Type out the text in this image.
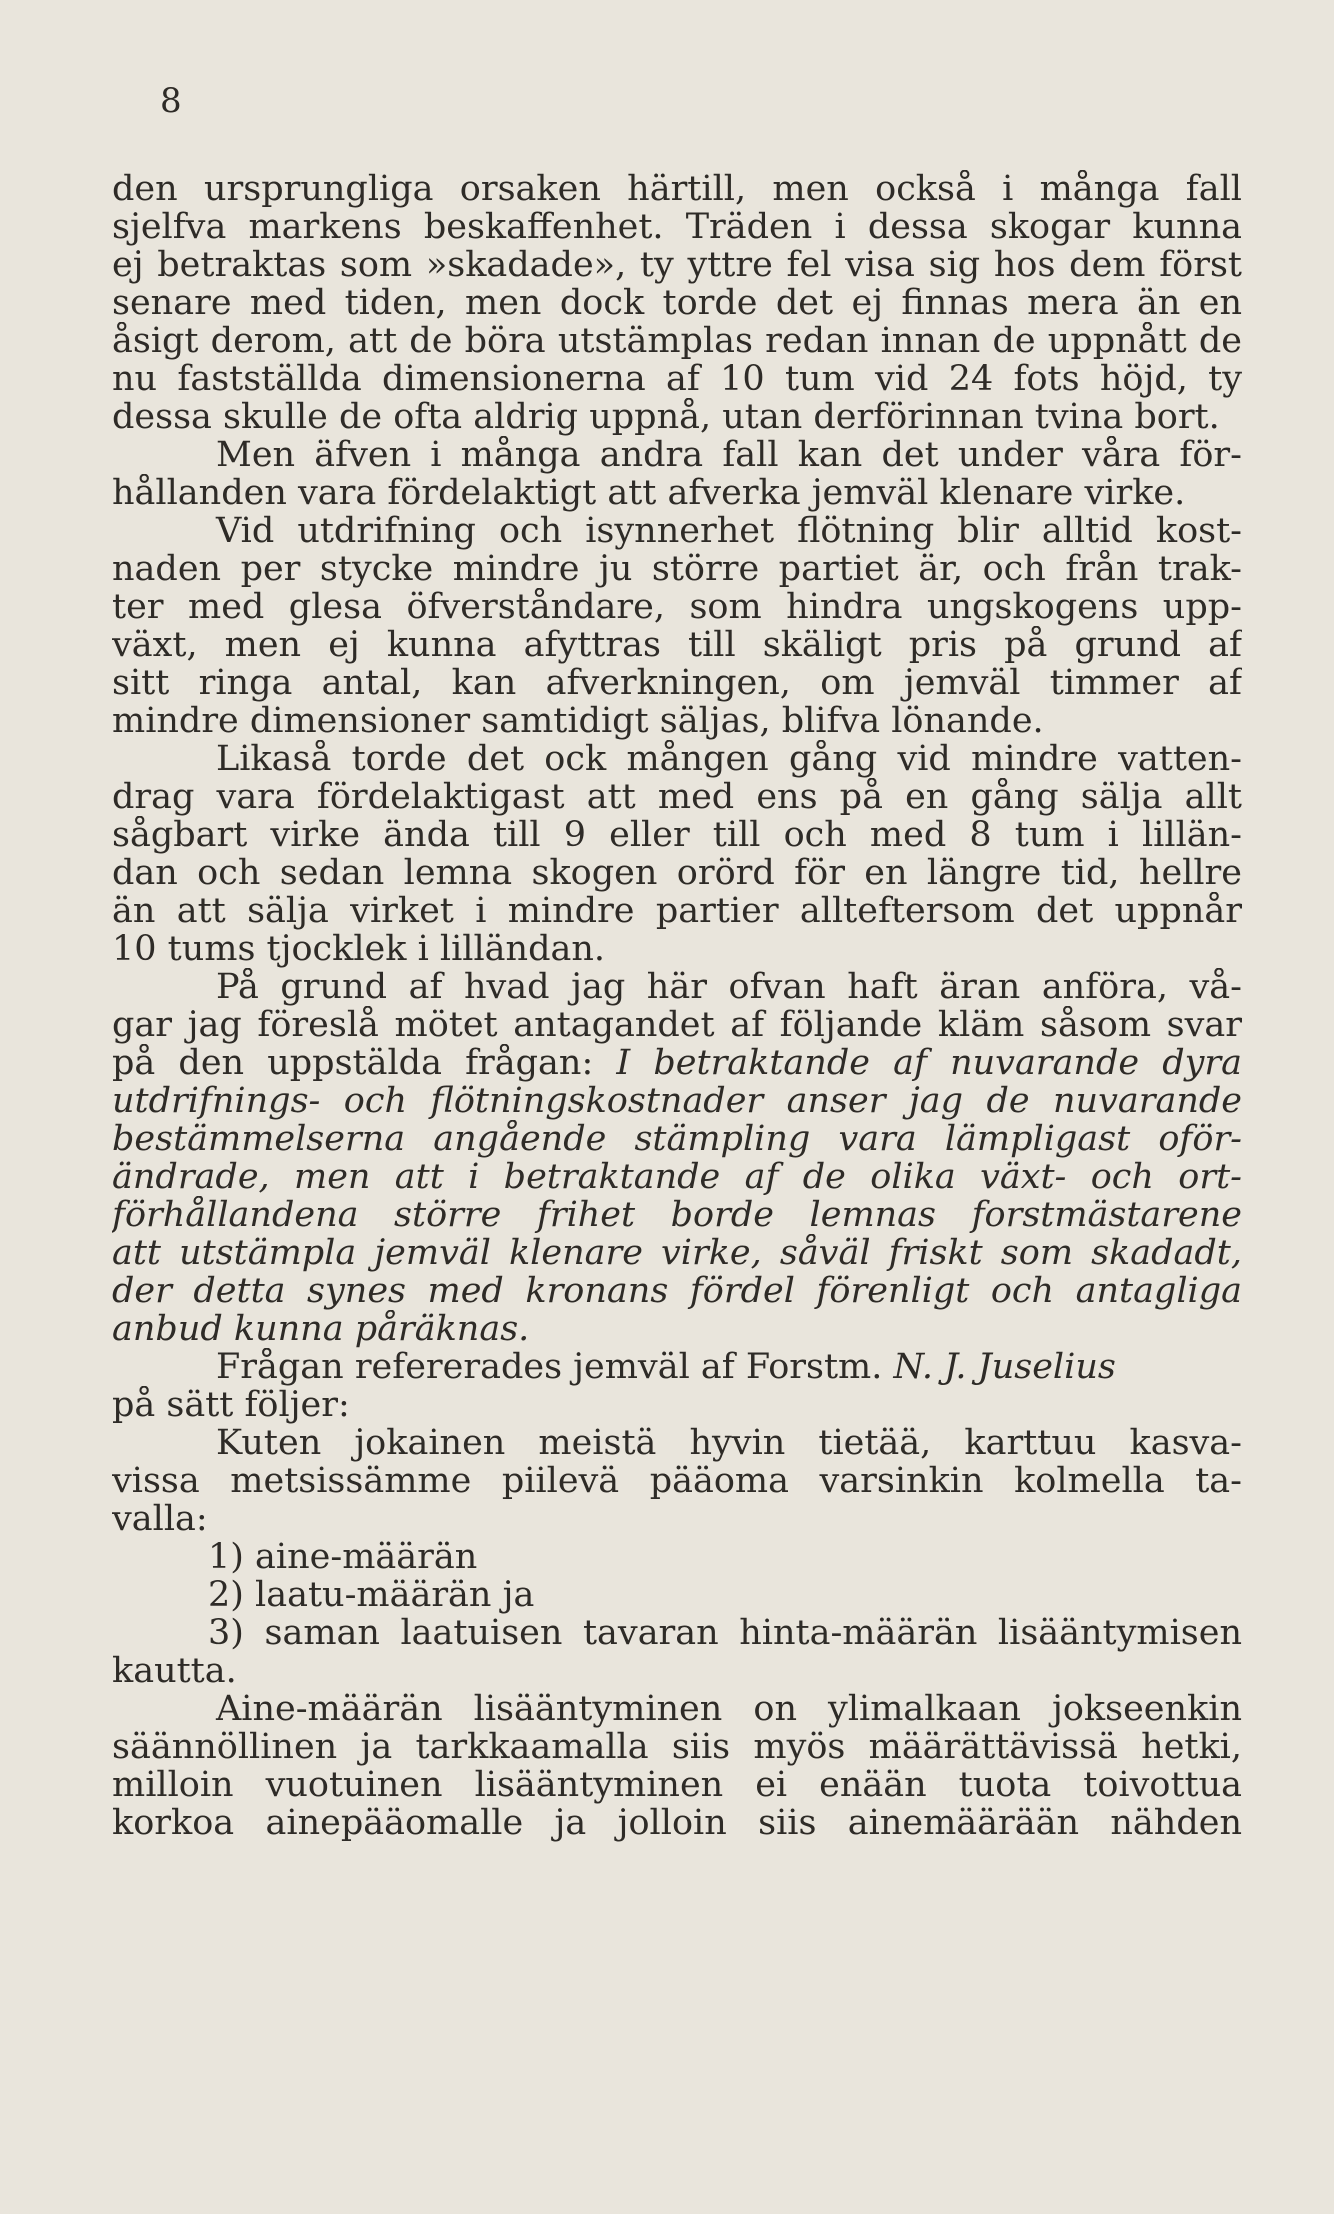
8

den ursprungliga orsaken härtill, men också i många fall
sjelfva markens beskaffenhet. Träden i dessa skogar kunna
ej betraktas som »skadade», ty yttre fel visa sig hos dem först
senare med tiden, men dock torde det ej finnas mera än en
åsigt derom, att de böra utstämplas redan innan de uppnått de
nu fastställda dimensionerna af 10 tum vid 24 fots höjd, ty
dessa skulle de ofta aldrig uppnå, utan derförinnan tvina bort.

Men äfven i många andra fall kan det under våra för-
hållanden vara fördelaktigt att afverka jemväl klenare virke.

Vid utdrifning och isynnerhet flötning blir alltid kost-
naden per stycke mindre ju större partiet är, och från trak-
ter med glesa öfverståndare, som hindra ungskogens upp-
växt, men ej kunna afyttras till skäligt pris på grund af
sitt ringa antal, kan afverkningen, om jemväl timmer af
mindre dimensioner samtidigt säljas, blifva lönande.

Likaså torde det ock mången gång vid mindre vatten-
drag vara fördelaktigast att med ens på en gång sälja allt
sågbart virke ända till 9 eller till och med 8 tum i lillän-
dan och sedan lemna skogen orörd för en längre tid, hellre
än att sälja virket i mindre partier allteftersom det uppnår
10 tums tjocklek i lilländan.

På grund af hvad jag här ofvan haft äran anföra, vå-
gar jag föreslå mötet antagandet af följande kläm såsom svar
på den uppstälda frågan: I betraktande af nuvarande dyra
utdrifnings- och flötningskostnader anser jag de nuvarande
bestämmelserna angående stämpling vara lämpligast oför-
ändrade, men att i betraktande af de olika växt- och ort-
förhållandena större frihet borde lemnas forstmästarene
att utstämpla jemväl klenare virke, såväl friskt som skadadt,
der detta synes med kronans fördel förenligt och antagliga
anbud kunna påräknas.

Frågan refererades jemväl af Forstm. N. J. Juselius
på sätt följer:

Kuten jokainen meistä hyvin tietää, karttuu kasva-
vissa metsissämme piilevä pääoma varsinkin kolmella ta-
valla:

1) aine-määrän
2) laatu-määrän ja
3) saman laatuisen tavaran hinta-määrän lisääntymisen
kautta.

Aine-määrän lisääntyminen on ylimalkaan jokseenkin
säännöllinen ja tarkkaamalla siis myös määrättävissä hetki,
milloin vuotuinen lisääntyminen ei enään tuota toivottua
korkoa ainepääomalle ja jolloin siis ainemäärään nähden
